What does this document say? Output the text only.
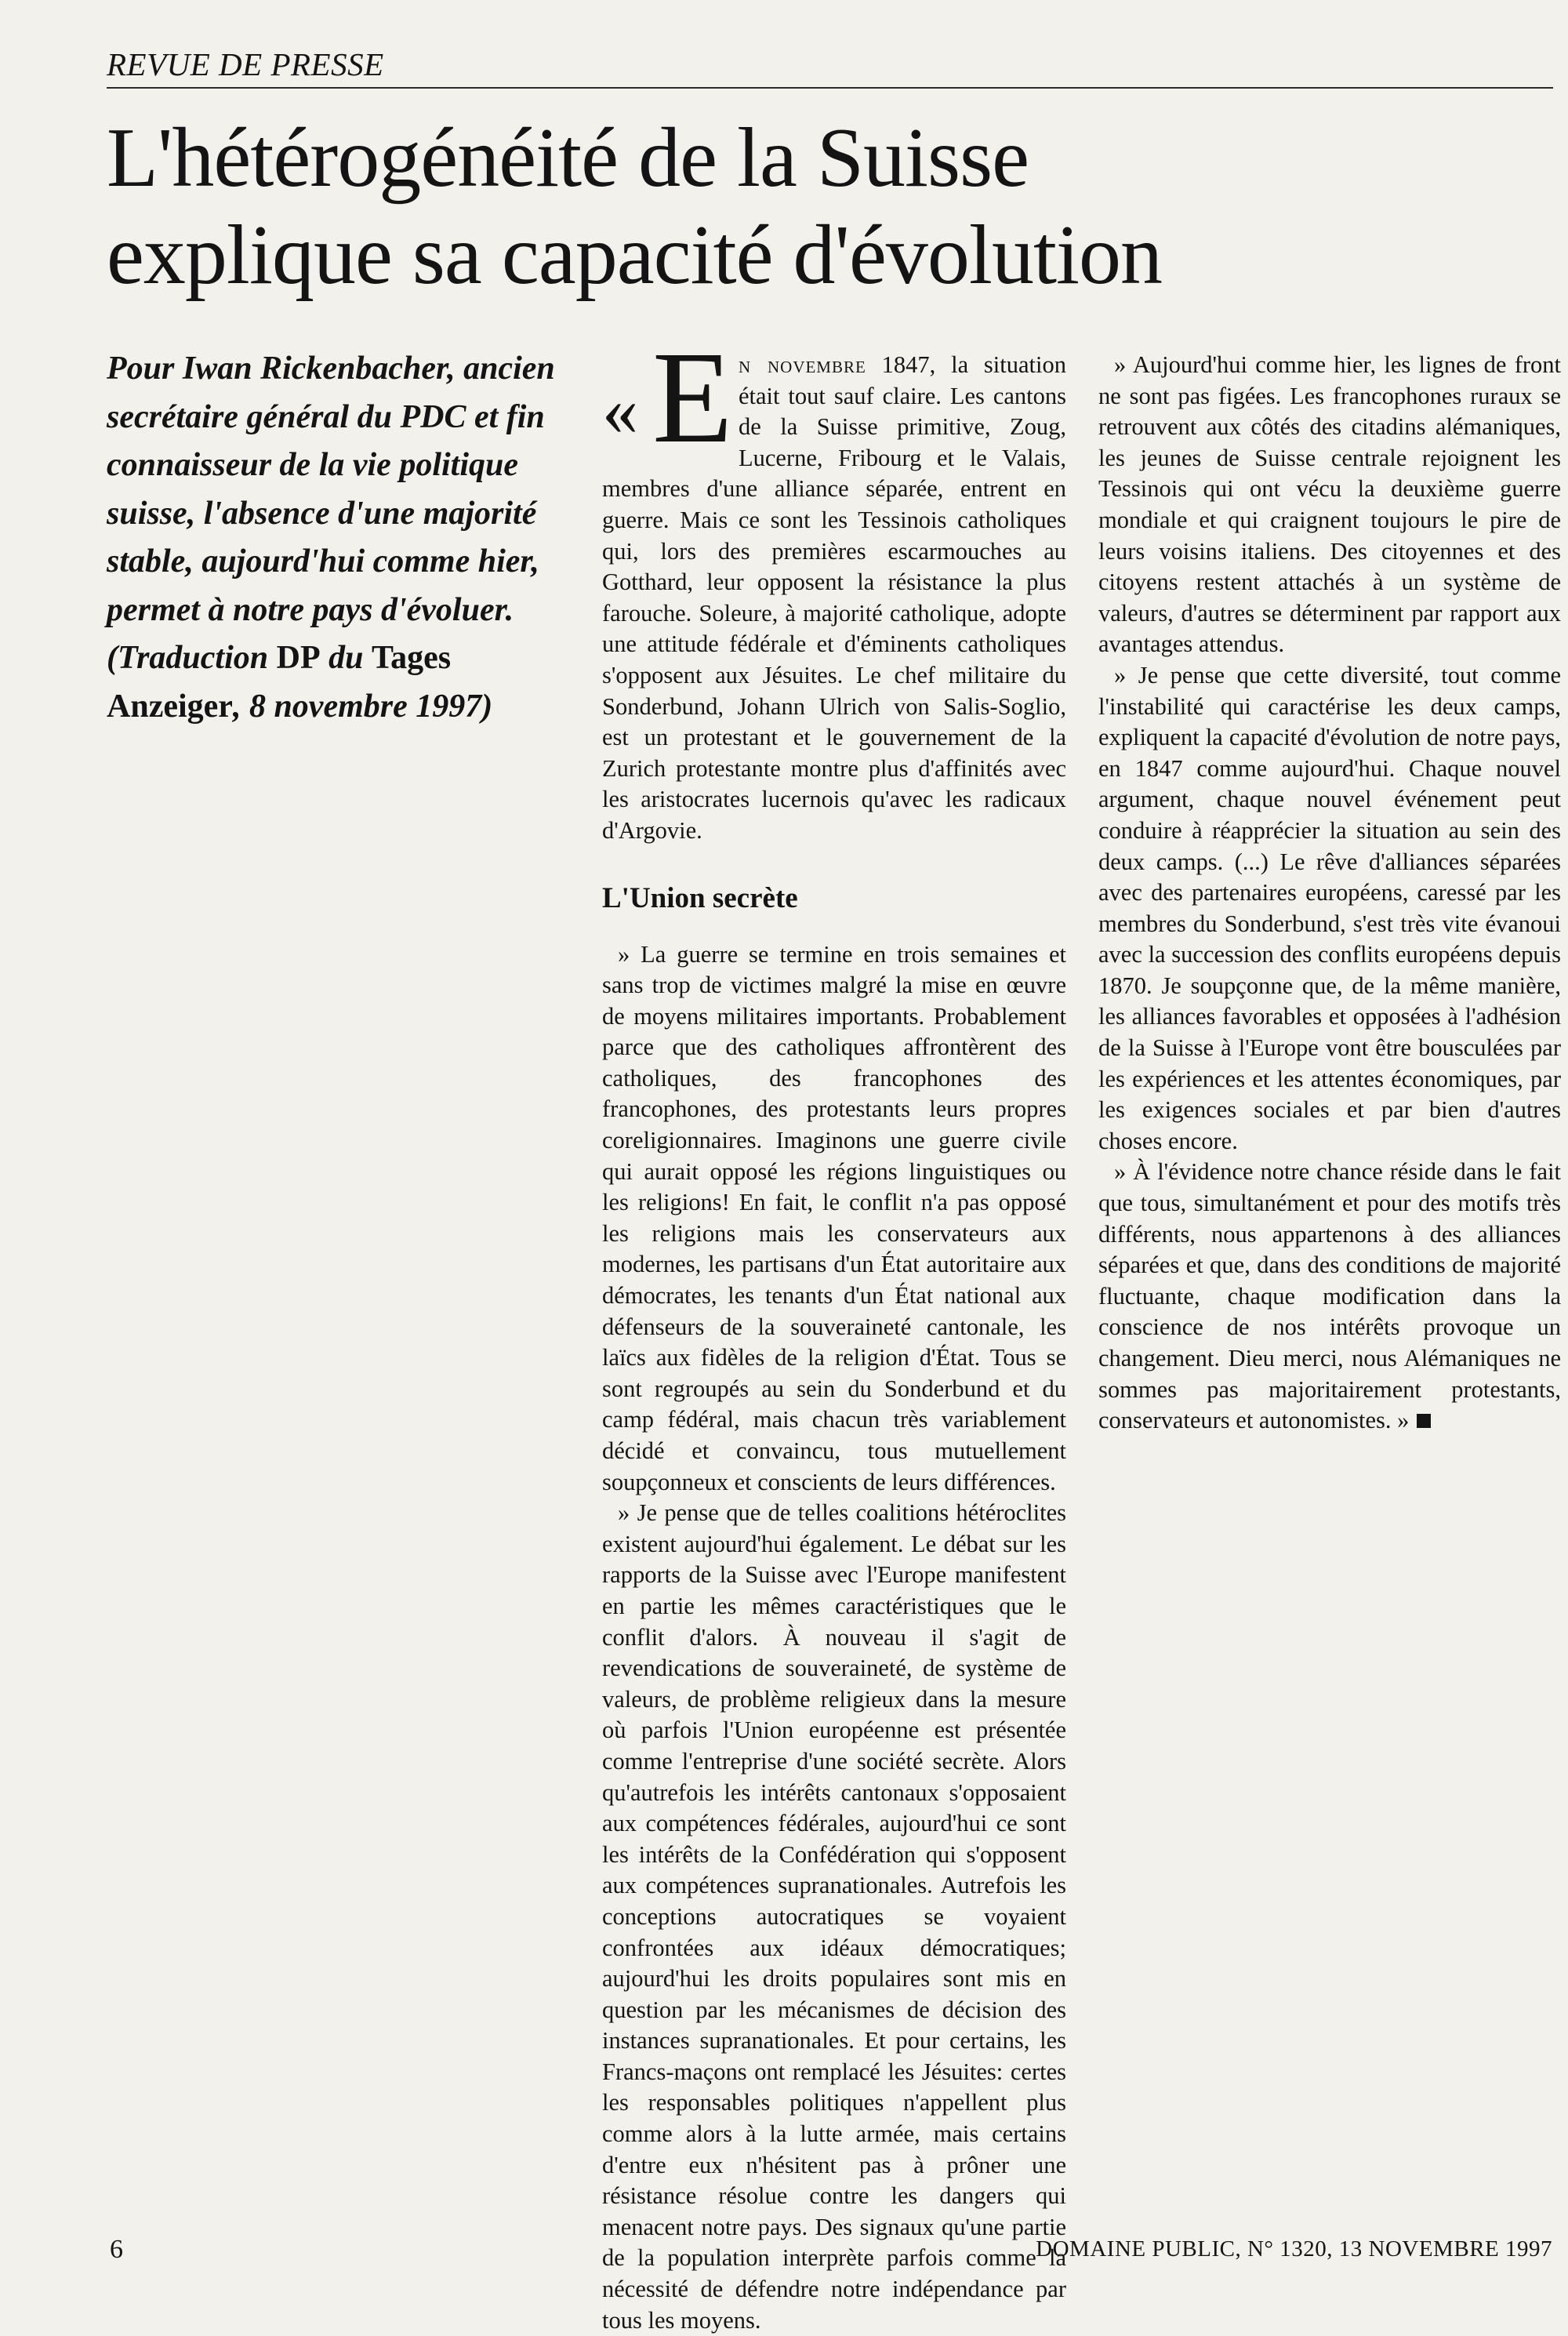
REVUE DE PRESSE
L'hétérogénéité de la Suisse
explique sa capacité d'évolution

Pour Iwan Rickenbacher, ancien secrétaire général du PDC et fin connaisseur de la vie politique suisse, l'absence d'une majorité stable, aujourd'hui comme hier, permet à notre pays d'évoluer.
(Traduction DP du Tages Anzeiger, 8 novembre 1997)

« E n novembre 1847, la situation était tout sauf claire. Les cantons de la Suisse primitive, Zoug, Lucerne, Fribourg et le Valais, membres d'une alliance séparée, entrent en guerre. Mais ce sont les Tessinois catholiques qui, lors des premières escarmouches au Gotthard, leur opposent la résistance la plus farouche. Soleure, à majorité catholique, adopte une attitude fédérale et d'éminents catholiques s'opposent aux Jésuites. Le chef militaire du Sonderbund, Johann Ulrich von Salis-Soglio, est un protestant et le gouvernement de la Zurich protestante montre plus d'affinités avec les aristocrates lucernois qu'avec les radicaux d'Argovie.

L'Union secrète

» La guerre se termine en trois semaines et sans trop de victimes malgré la mise en œuvre de moyens militaires importants. Probablement parce que des catholiques affrontèrent des catholiques, des francophones des francophones, des protestants leurs propres coreligionnaires. Imaginons une guerre civile qui aurait opposé les régions linguistiques ou les religions! En fait, le conflit n'a pas opposé les religions mais les conservateurs aux modernes, les partisans d'un État autoritaire aux démocrates, les tenants d'un État national aux défenseurs de la souveraineté cantonale, les laïcs aux fidèles de la religion d'État. Tous se sont regroupés au sein du Sonderbund et du camp fédéral, mais chacun très variablement décidé et convaincu, tous mutuellement soupçonneux et conscients de leurs différences.

» Je pense que de telles coalitions hétéroclites existent aujourd'hui également. Le débat sur les rapports de la Suisse avec l'Europe manifestent en partie les mêmes caractéristiques que le conflit d'alors. À nouveau il s'agit de revendications de souveraineté, de système de valeurs, de problème religieux dans la mesure où parfois l'Union européenne est présentée comme l'entreprise d'une société secrète. Alors qu'autrefois les intérêts cantonaux s'opposaient aux compétences fédérales, aujourd'hui ce sont les intérêts de la Confédération qui s'opposent aux compétences supranationales. Autrefois les conceptions autocratiques se voyaient confrontées aux idéaux démocratiques; aujourd'hui les droits populaires sont mis en question par les mécanismes de décision des instances supranationales. Et pour certains, les Francs-maçons ont remplacé les Jésuites: certes les responsables politiques n'appellent plus comme alors à la lutte armée, mais certains d'entre eux n'hésitent pas à prôner une résistance résolue contre les dangers qui menacent notre pays. Des signaux qu'une partie de la population interprète parfois comme la nécessité de défendre notre indépendance par tous les moyens.

» Aujourd'hui comme hier, les lignes de front ne sont pas figées. Les francophones ruraux se retrouvent aux côtés des citadins alémaniques, les jeunes de Suisse centrale rejoignent les Tessinois qui ont vécu la deuxième guerre mondiale et qui craignent toujours le pire de leurs voisins italiens. Des citoyennes et des citoyens restent attachés à un système de valeurs, d'autres se déterminent par rapport aux avantages attendus.

» Je pense que cette diversité, tout comme l'instabilité qui caractérise les deux camps, expliquent la capacité d'évolution de notre pays, en 1847 comme aujourd'hui. Chaque nouvel argument, chaque nouvel événement peut conduire à réapprécier la situation au sein des deux camps. (...) Le rêve d'alliances séparées avec des partenaires européens, caressé par les membres du Sonderbund, s'est très vite évanoui avec la succession des conflits européens depuis 1870. Je soupçonne que, de la même manière, les alliances favorables et opposées à l'adhésion de la Suisse à l'Europe vont être bousculées par les expériences et les attentes économiques, par les exigences sociales et par bien d'autres choses encore.

» À l'évidence notre chance réside dans le fait que tous, simultanément et pour des motifs très différents, nous appartenons à des alliances séparées et que, dans des conditions de majorité fluctuante, chaque modification dans la conscience de nos intérêts provoque un changement. Dieu merci, nous Alémaniques ne sommes pas majoritairement protestants, conservateurs et autonomistes. »

6	DOMAINE PUBLIC, N° 1320, 13 NOVEMBRE 1997
